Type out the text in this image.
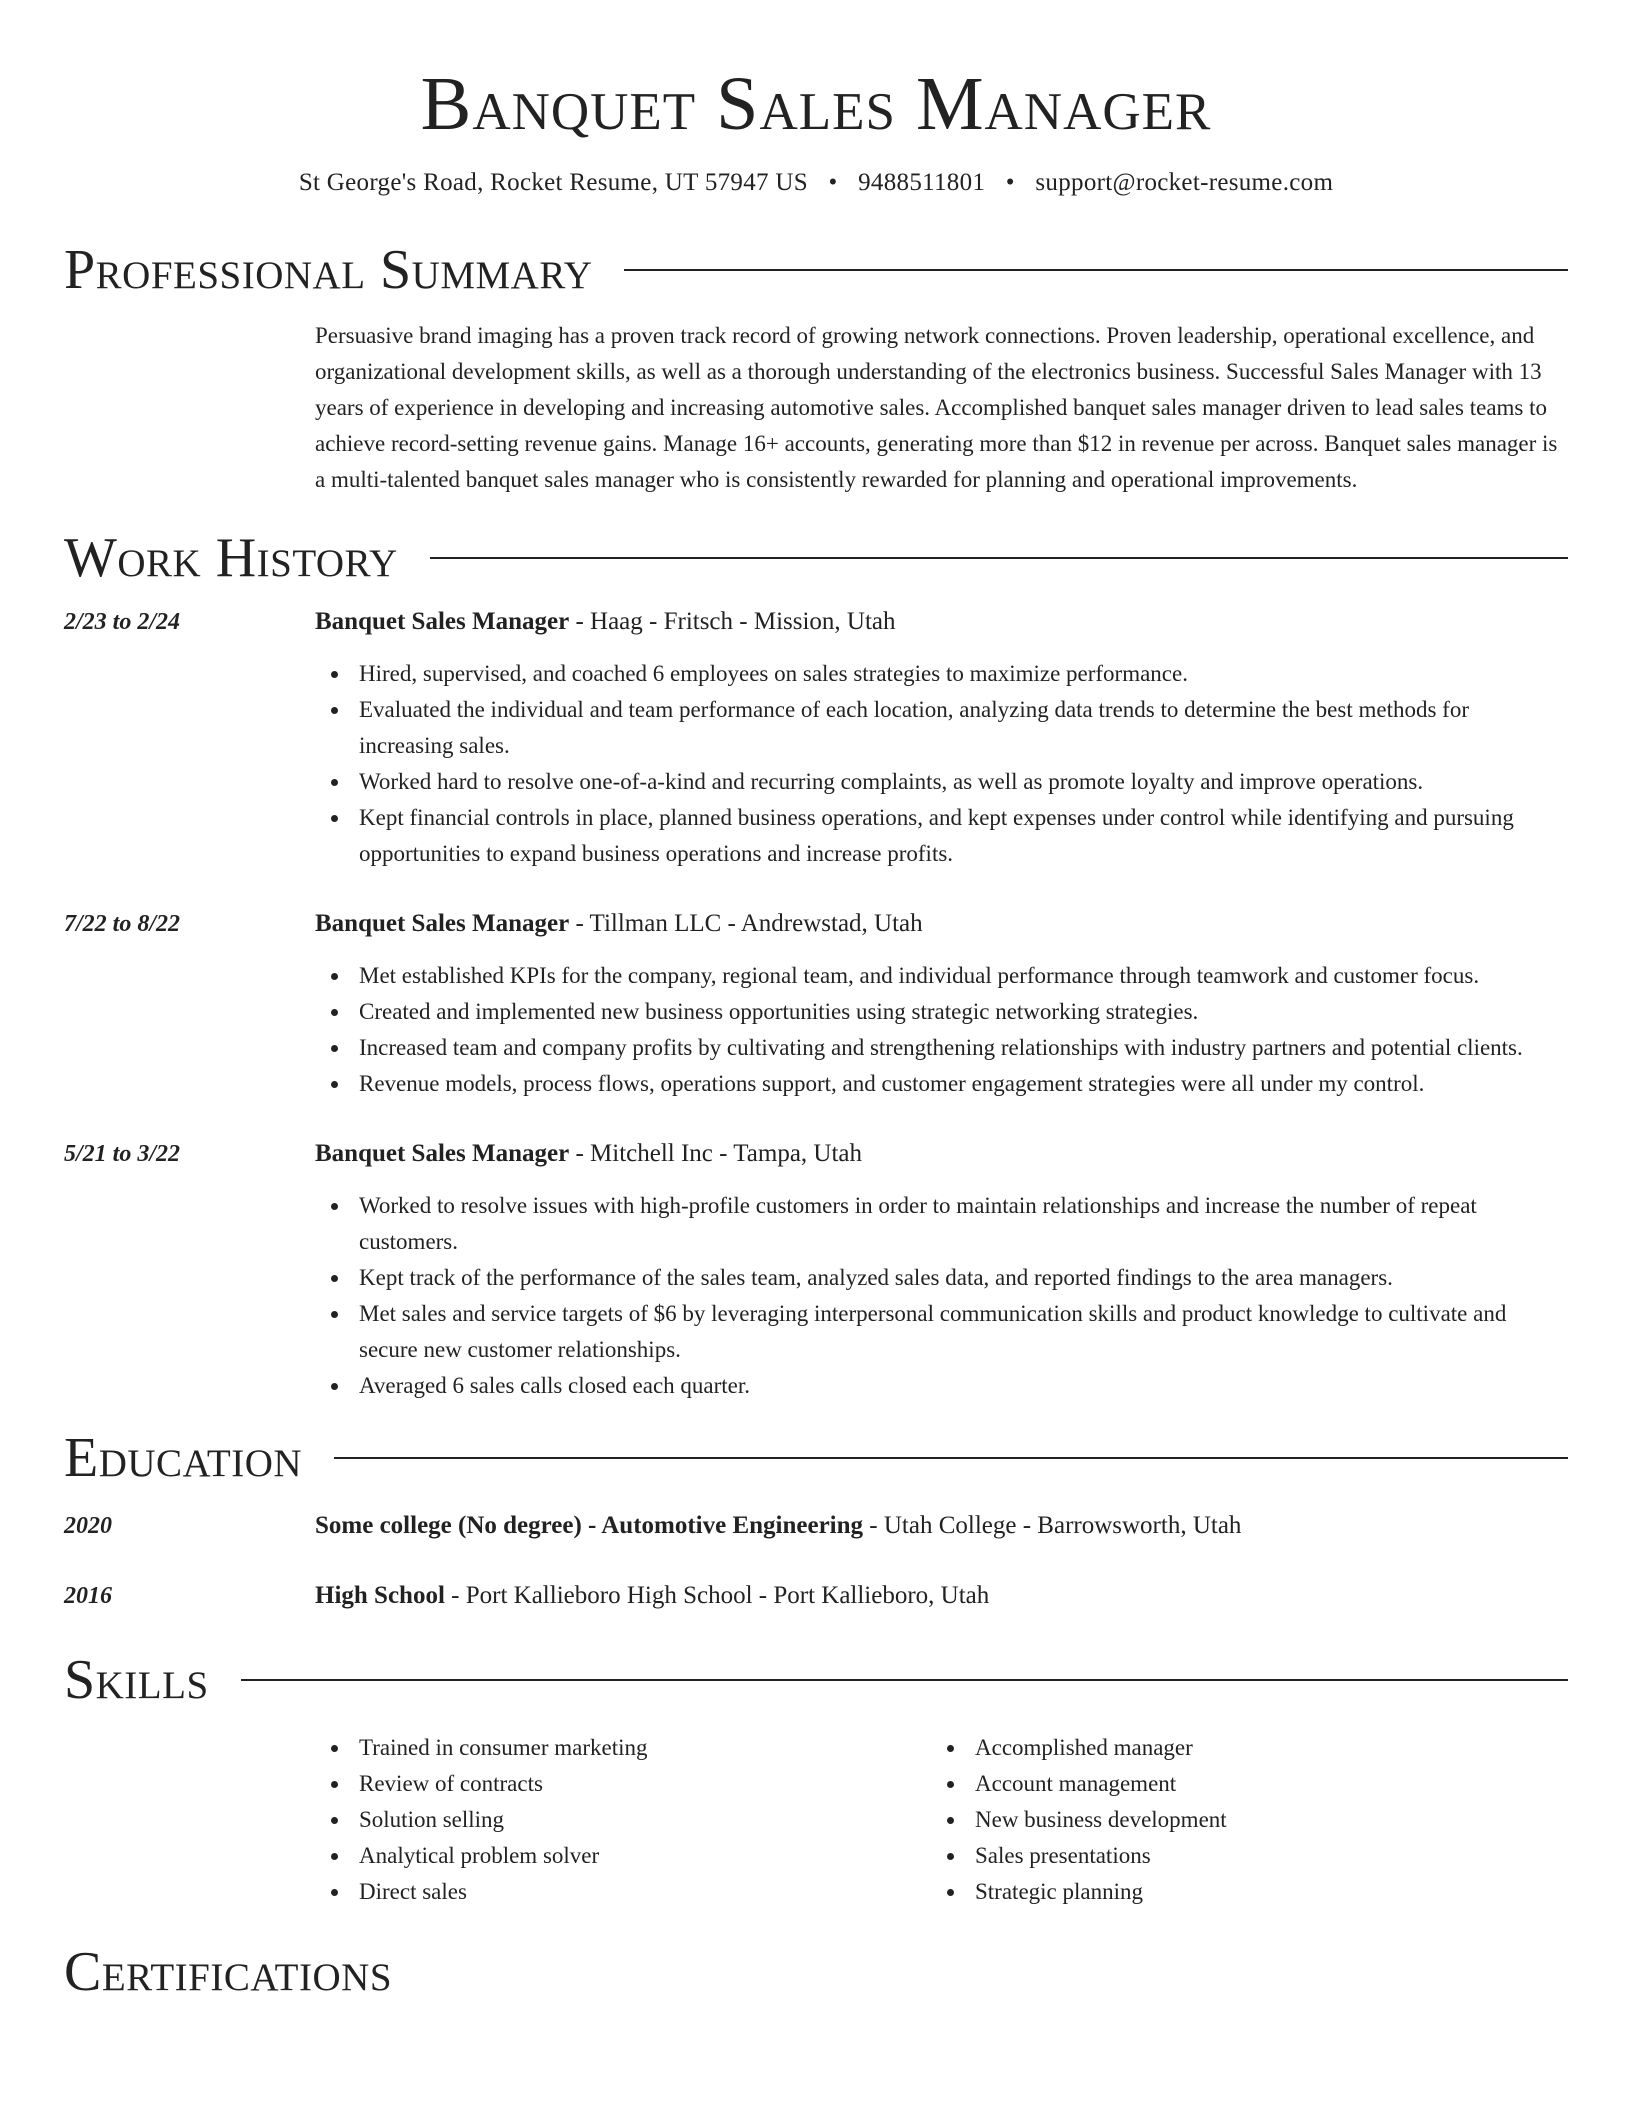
Banquet Sales Manager
St George's Road, Rocket Resume, UT 57947 US • 9488511801 • support@rocket-resume.com
Professional Summary

Persuasive brand imaging has a proven track record of growing network connections. Proven leadership, operational excellence, and organizational development skills, as well as a thorough understanding of the electronics business. Successful Sales Manager with 13 years of experience in developing and increasing automotive sales. Accomplished banquet sales manager driven to lead sales teams to achieve record-setting revenue gains. Manage 16+ accounts, generating more than $12 in revenue per across. Banquet sales manager is a multi-talented banquet sales manager who is consistently rewarded for planning and operational improvements.

Work History
2/23 to 2/24	Banquet Sales Manager - Haag - Fritsch - Mission, Utah
Hired, supervised, and coached 6 employees on sales strategies to maximize performance.
Evaluated the individual and team performance of each location, analyzing data trends to determine the best methods for increasing sales.
Worked hard to resolve one-of-a-kind and recurring complaints, as well as promote loyalty and improve operations.
Kept financial controls in place, planned business operations, and kept expenses under control while identifying and pursuing opportunities to expand business operations and increase profits.
7/22 to 8/22	Banquet Sales Manager - Tillman LLC - Andrewstad, Utah
Met established KPIs for the company, regional team, and individual performance through teamwork and customer focus.
Created and implemented new business opportunities using strategic networking strategies.
Increased team and company profits by cultivating and strengthening relationships with industry partners and potential clients.
Revenue models, process flows, operations support, and customer engagement strategies were all under my control.
5/21 to 3/22	Banquet Sales Manager - Mitchell Inc - Tampa, Utah
Worked to resolve issues with high-profile customers in order to maintain relationships and increase the number of repeat customers.
Kept track of the performance of the sales team, analyzed sales data, and reported findings to the area managers.
Met sales and service targets of $6 by leveraging interpersonal communication skills and product knowledge to cultivate and secure new customer relationships.
Averaged 6 sales calls closed each quarter.
Education
2020	Some college (No degree) - Automotive Engineering - Utah College - Barrowsworth, Utah
2016	High School - Port Kallieboro High School - Port Kallieboro, Utah
Skills
Trained in consumer marketing
Review of contracts
Solution selling
Analytical problem solver
Direct sales
Accomplished manager
Account management
New business development
Sales presentations
Strategic planning
Certifications
